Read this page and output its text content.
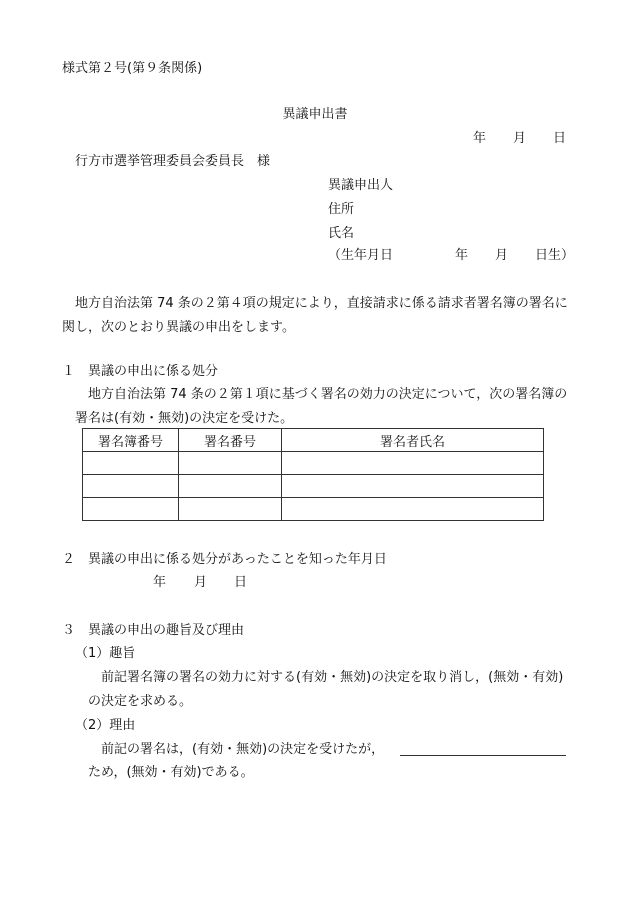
様式第２号(第９条関係)
異議申出書
年 月 日
行方市選挙管理委員会委員長　様
異議申出人
住所
氏名
（生年月日	年 月 日生）
地方自治法第 74 条の２第４項の規定により，直接請求に係る請求者署名簿の署名に
関し，次のとおり異議の申出をします。
１　異議の申出に係る処分
地方自治法第 74 条の２第１項に基づく署名の効力の決定について，次の署名簿の
署名は(有効・無効)の決定を受けた。
署名簿番号	署名番号	署名者氏名

２　異議の申出に係る処分があったことを知った年月日
年 月 日
３　異議の申出の趣旨及び理由
（1）趣旨
前記署名簿の署名の効力に対する(有効・無効)の決定を取り消し，(無効・有効)
の決定を求める。
（2）理由
前記の署名は，(有効・無効)の決定を受けたが，
ため，(無効・有効)である。
